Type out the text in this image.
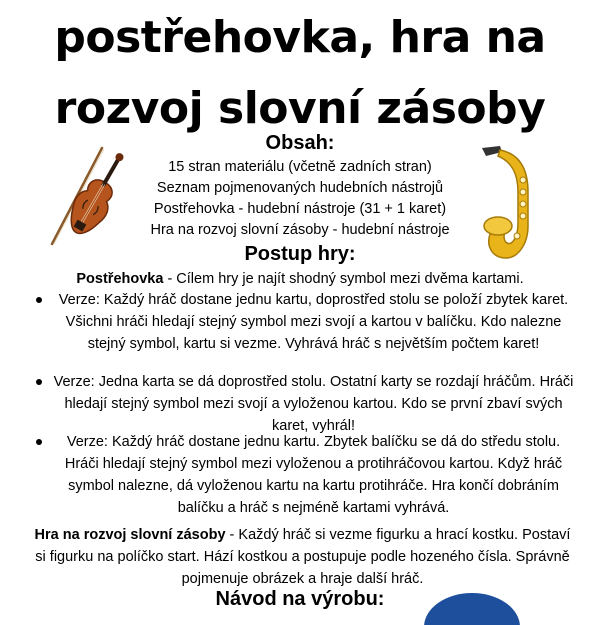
postřehovka, hra na
rozvoj slovní zásoby
Obsah:
15 stran materiálu (včetně zadních stran)
Seznam pojmenovaných hudebních nástrojů
Postřehovka - hudební nástroje (31 + 1 karet)
Hra na rozvoj slovní zásoby - hudební nástroje
Postup hry:

Postřehovka - Cílem hry je najít shodný symbol mezi dvěma kartami.

Verze: Každý hráč dostane jednu kartu, doprostřed stolu se položí zbytek karet. Všichni hráči hledají stejný symbol mezi svojí a kartou v balíčku. Kdo nalezne stejný symbol, kartu si vezme. Vyhrává hráč s největším počtem karet!

Verze: Jedna karta se dá doprostřed stolu. Ostatní karty se rozdají hráčům. Hráči hledají stejný symbol mezi svojí a vyloženou kartou. Kdo se první zbaví svých karet, vyhrál!

Verze: Každý hráč dostane jednu kartu. Zbytek balíčku se dá do středu stolu. Hráči hledají stejný symbol mezi vyloženou a protihráčovou kartou. Když hráč symbol nalezne, dá vyloženou kartu na kartu protihráče. Hra končí dobráním balíčku a hráč s nejméně kartami vyhrává.

Hra na rozvoj slovní zásoby - Každý hráč si vezme figurku a hrací kostku. Postaví si figurku na políčko start. Hází kostkou a postupuje podle hozeného čísla. Správně pojmenuje obrázek a hraje další hráč.

Návod na výrobu:
